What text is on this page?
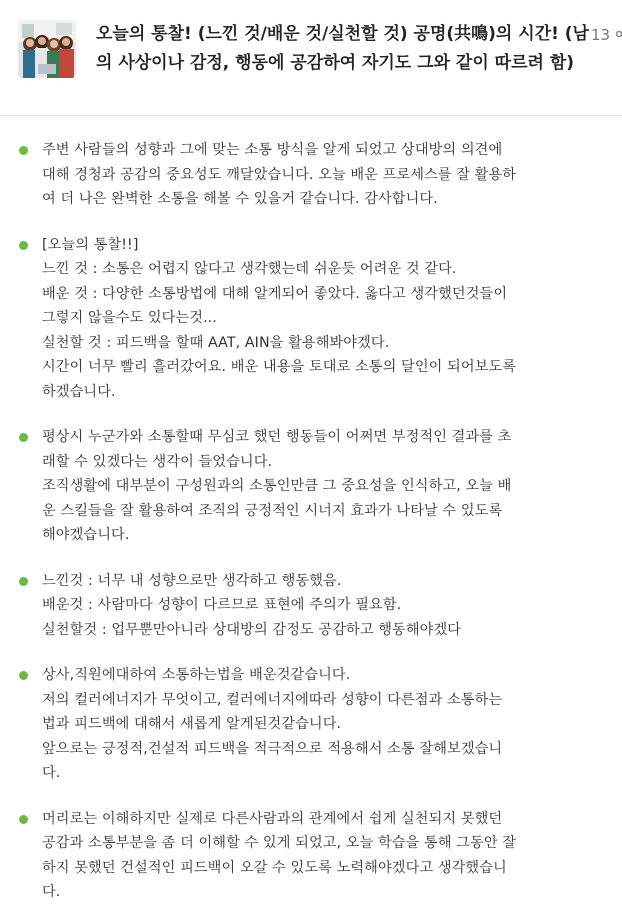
오늘의 통찰! (느낀 것/배운 것/실천할 것) 공명(共鳴)의 시간! (남의 사상이나 감정, 행동에 공감하여 자기도 그와 같이 따르려 함)
13

주변 사람들의 성향과 그에 맞는 소통 방식을 알게 되었고 상대방의 의견에
대해 경청과 공감의 중요성도 깨달았습니다. 오늘 배운 프로세스를 잘 활용하
여 더 나은 완벽한 소통을 해볼 수 있을거 같습니다. 감사합니다.

[오늘의 통찰!!]
느낀 것 : 소통은 어렵지 않다고 생각했는데 쉬운듯 어려운 것 같다.
배운 것 : 다양한 소통방법에 대해 알게되어 좋았다. 옳다고 생각했던것들이
그렇지 않을수도 있다는것...
실천할 것 : 피드백을 할때 AAT, AIN을 활용해봐야겠다.
시간이 너무 빨리 흘러갔어요. 배운 내용을 토대로 소통의 달인이 되어보도록
하겠습니다.

평상시 누군가와 소통할때 무심코 했던 행동들이 어쩌면 부정적인 결과를 초
래할 수 있겠다는 생각이 들었습니다.
조직생활에 대부분이 구성원과의 소통인만큼 그 중요성을 인식하고, 오늘 배
운 스킬들을 잘 활용하여 조직의 긍정적인 시너지 효과가 나타날 수 있도록
해야겠습니다.

느낀것 : 너무 내 성향으로만 생각하고 행동했음.
배운것 : 사람마다 성향이 다르므로 표현에 주의가 필요함.
실천할것 : 업무뿐만아니라 상대방의 감정도 공감하고 행동해야겠다

상사,직원에대하여 소통하는법을 배운것같습니다.
저의 컬러에너지가 무엇이고, 컬러에너지에따라 성향이 다른점과 소통하는
법과 피드백에 대해서 새롭게 알게된것같습니다.
앞으로는 긍정적,건설적 피드백을 적극적으로 적용해서 소통 잘해보겠습니
다.

머리로는 이해하지만 실제로 다른사람과의 관계에서 쉽게 실천되지 못했던
공감과 소통부분을 좀 더 이해할 수 있게 되었고, 오늘 학습을 통해 그동안 잘
하지 못했던 건설적인 피드백이 오갈 수 있도록 노력해야겠다고 생각했습니
다.
